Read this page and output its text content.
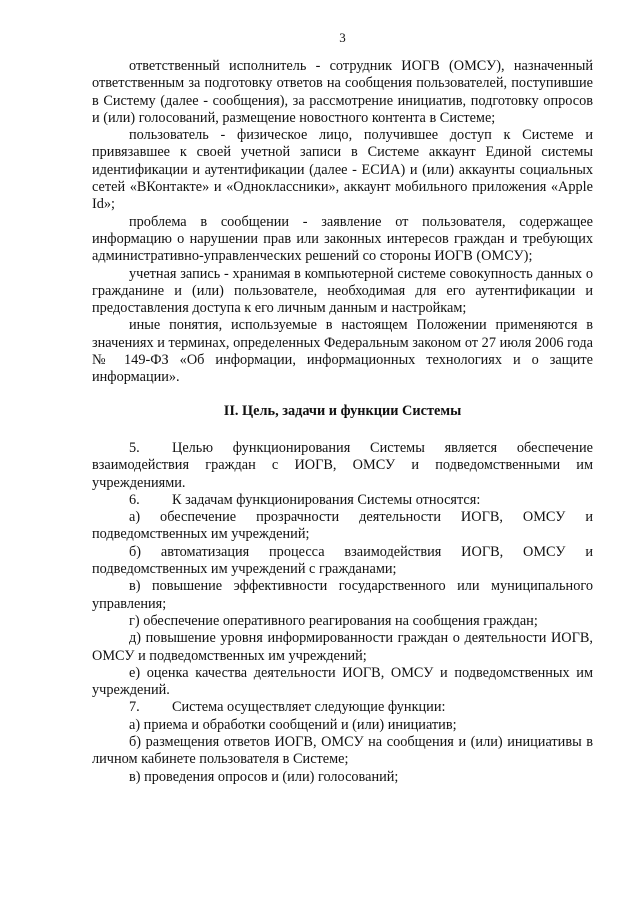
3

ответственный исполнитель - сотрудник ИОГВ (ОМСУ), назначенный ответственным за подготовку ответов на сообщения пользователей, поступившие в Систему (далее - сообщения), за рассмотрение инициатив, подготовку опросов и (или) голосований, размещение новостного контента в Системе;

пользователь - физическое лицо, получившее доступ к Системе и привязавшее к своей учетной записи в Системе аккаунт Единой системы идентификации и аутентификации (далее - ЕСИА) и (или) аккаунты социальных сетей «ВКонтакте» и «Одноклассники», аккаунт мобильного приложения «Apple Id»;

проблема в сообщении - заявление от пользователя, содержащее информацию о нарушении прав или законных интересов граждан и требующих административно-управленческих решений со стороны ИОГВ (ОМСУ);

учетная запись - хранимая в компьютерной системе совокупность данных о гражданине и (или) пользователе, необходимая для его аутентификации и предоставления доступа к его личным данным и настройкам;

иные понятия, используемые в настоящем Положении применяются в значениях и терминах, определенных Федеральным законом от 27 июля 2006 года № 149-ФЗ «Об информации, информационных технологиях и о защите информации».

II. Цель, задачи и функции Системы

5. Целью функционирования Системы является обеспечение взаимодействия граждан с ИОГВ, ОМСУ и подведомственными им учреждениями.

6. К задачам функционирования Системы относятся:

а) обеспечение прозрачности деятельности ИОГВ, ОМСУ и подведомственных им учреждений;

б) автоматизация процесса взаимодействия ИОГВ, ОМСУ и подведомственных им учреждений с гражданами;

в) повышение эффективности государственного или муниципального управления;

г) обеспечение оперативного реагирования на сообщения граждан;

д) повышение уровня информированности граждан о деятельности ИОГВ, ОМСУ и подведомственных им учреждений;

е) оценка качества деятельности ИОГВ, ОМСУ и подведомственных им учреждений.

7. Система осуществляет следующие функции:

а) приема и обработки сообщений и (или) инициатив;

б) размещения ответов ИОГВ, ОМСУ на сообщения и (или) инициативы в личном кабинете пользователя в Системе;

в) проведения опросов и (или) голосований;
